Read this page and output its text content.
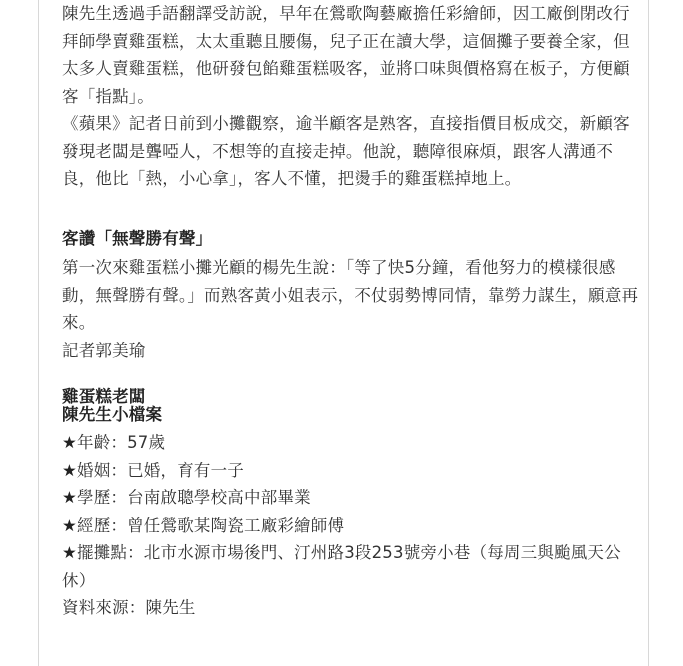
陳先生透過手語翻譯受訪說，早年在鶯歌陶藝廠擔任彩繪師，因工廠倒閉改行拜師學賣雞蛋糕，太太重聽且腰傷，兒子正在讀大學，這個攤子要養全家，但太多人賣雞蛋糕，他研發包餡雞蛋糕吸客，並將口味與價格寫在板子，方便顧客「指點」。

《蘋果》記者日前到小攤觀察，逾半顧客是熟客，直接指價目板成交，新顧客發現老闆是聾啞人，不想等的直接走掉。他說，聽障很麻煩，跟客人溝通不良，他比「熱，小心拿」，客人不懂，把燙手的雞蛋糕掉地上。

客讚「無聲勝有聲」

第一次來雞蛋糕小攤光顧的楊先生說：「等了快5分鐘，看他努力的模樣很感動，無聲勝有聲。」而熟客黃小姐表示，不仗弱勢博同情，靠勞力謀生，願意再來。

記者郭美瑜

雞蛋糕老闆
陳先生小檔案

★年齡：57歲
★婚姻：已婚，育有一子
★學歷：台南啟聰學校高中部畢業
★經歷：曾任鶯歌某陶瓷工廠彩繪師傅
★擺攤點：北市水源市場後門、汀州路3段253號旁小巷（每周三與颱風天公休）

資料來源：陳先生
